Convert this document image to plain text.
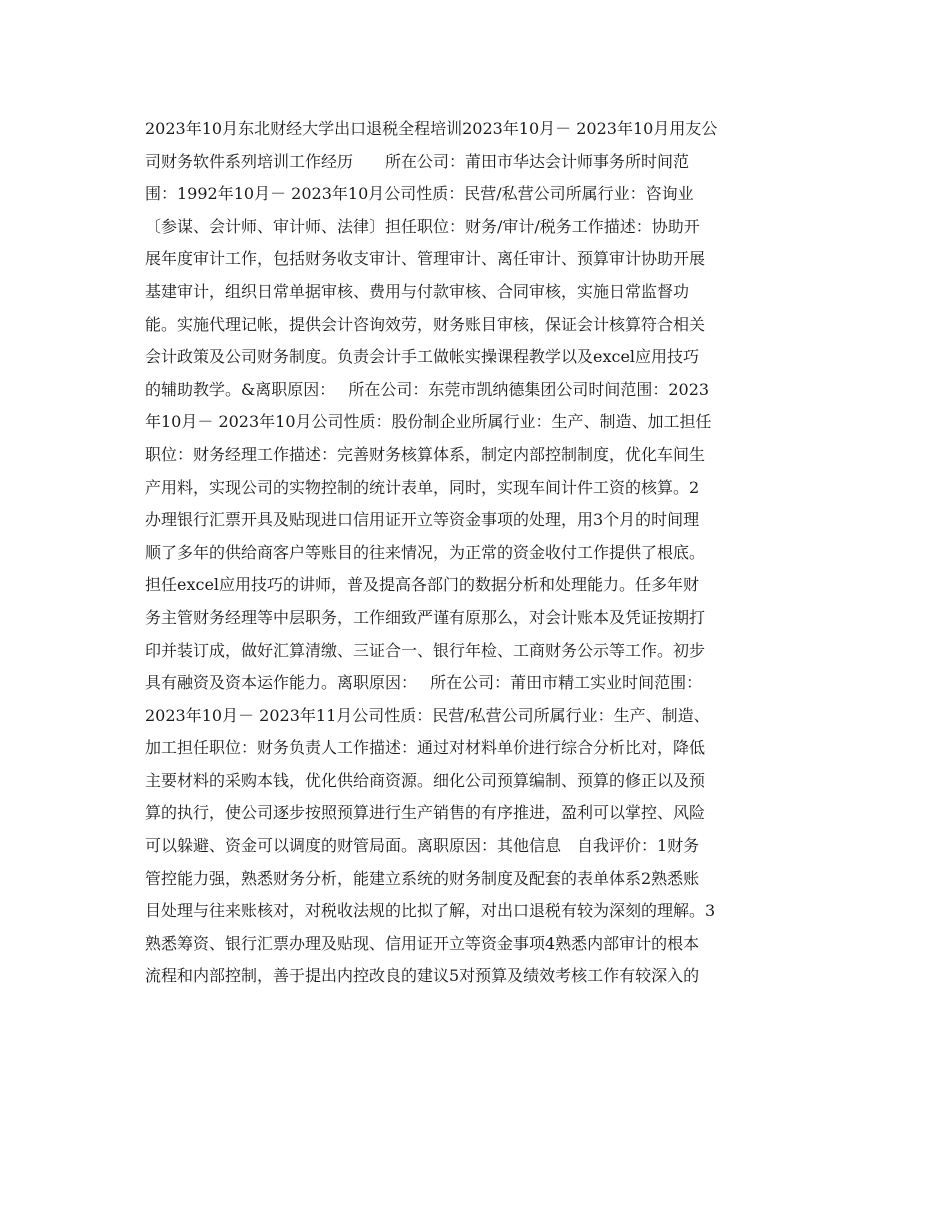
2023年10月东北财经大学出口退税全程培训2023年10月－ 2023年10月用友公
司财务软件系列培训工作经历　　所在公司：莆田市华达会计师事务所时间范
围：1992年10月－ 2023年10月公司性质：民营/私营公司所属行业：咨询业
〔参谋、会计师、审计师、法律〕担任职位：财务/审计/税务工作描述：协助开
展年度审计工作，包括财务收支审计、管理审计、离任审计、预算审计协助开展
基建审计，组织日常单据审核、费用与付款审核、合同审核，实施日常监督功
能。实施代理记帐，提供会计咨询效劳，财务账目审核，保证会计核算符合相关
会计政策及公司财务制度。负责会计手工做帐实操课程教学以及excel应用技巧
的辅助教学。&离职原因：　 所在公司：东莞市凯纳德集团公司时间范围：2023
年10月－ 2023年10月公司性质：股份制企业所属行业：生产、制造、加工担任
职位：财务经理工作描述：完善财务核算体系，制定内部控制制度，优化车间生
产用料，实现公司的实物控制的统计表单，同时，实现车间计件工资的核算。2
办理银行汇票开具及贴现进口信用证开立等资金事项的处理，用3个月的时间理
顺了多年的供给商客户等账目的往来情况，为正常的资金收付工作提供了根底。
担任excel应用技巧的讲师，普及提高各部门的数据分析和处理能力。任多年财
务主管财务经理等中层职务，工作细致严谨有原那么，对会计账本及凭证按期打
印并装订成，做好汇算清缴、三证合一、银行年检、工商财务公示等工作。初步
具有融资及资本运作能力。离职原因：　 所在公司：莆田市精工实业时间范围：
2023年10月－ 2023年11月公司性质：民营/私营公司所属行业：生产、制造、
加工担任职位：财务负责人工作描述：通过对材料单价进行综合分析比对，降低
主要材料的采购本钱，优化供给商资源。细化公司预算编制、预算的修正以及预
算的执行，使公司逐步按照预算进行生产销售的有序推进，盈利可以掌控、风险
可以躲避、资金可以调度的财管局面。离职原因：其他信息　自我评价：1财务
管控能力强，熟悉财务分析，能建立系统的财务制度及配套的表单体系2熟悉账
目处理与往来账核对，对税收法规的比拟了解，对出口退税有较为深刻的理解。3
熟悉筹资、银行汇票办理及贴现、信用证开立等资金事项4熟悉内部审计的根本
流程和内部控制，善于提出内控改良的建议5对预算及绩效考核工作有较深入的
